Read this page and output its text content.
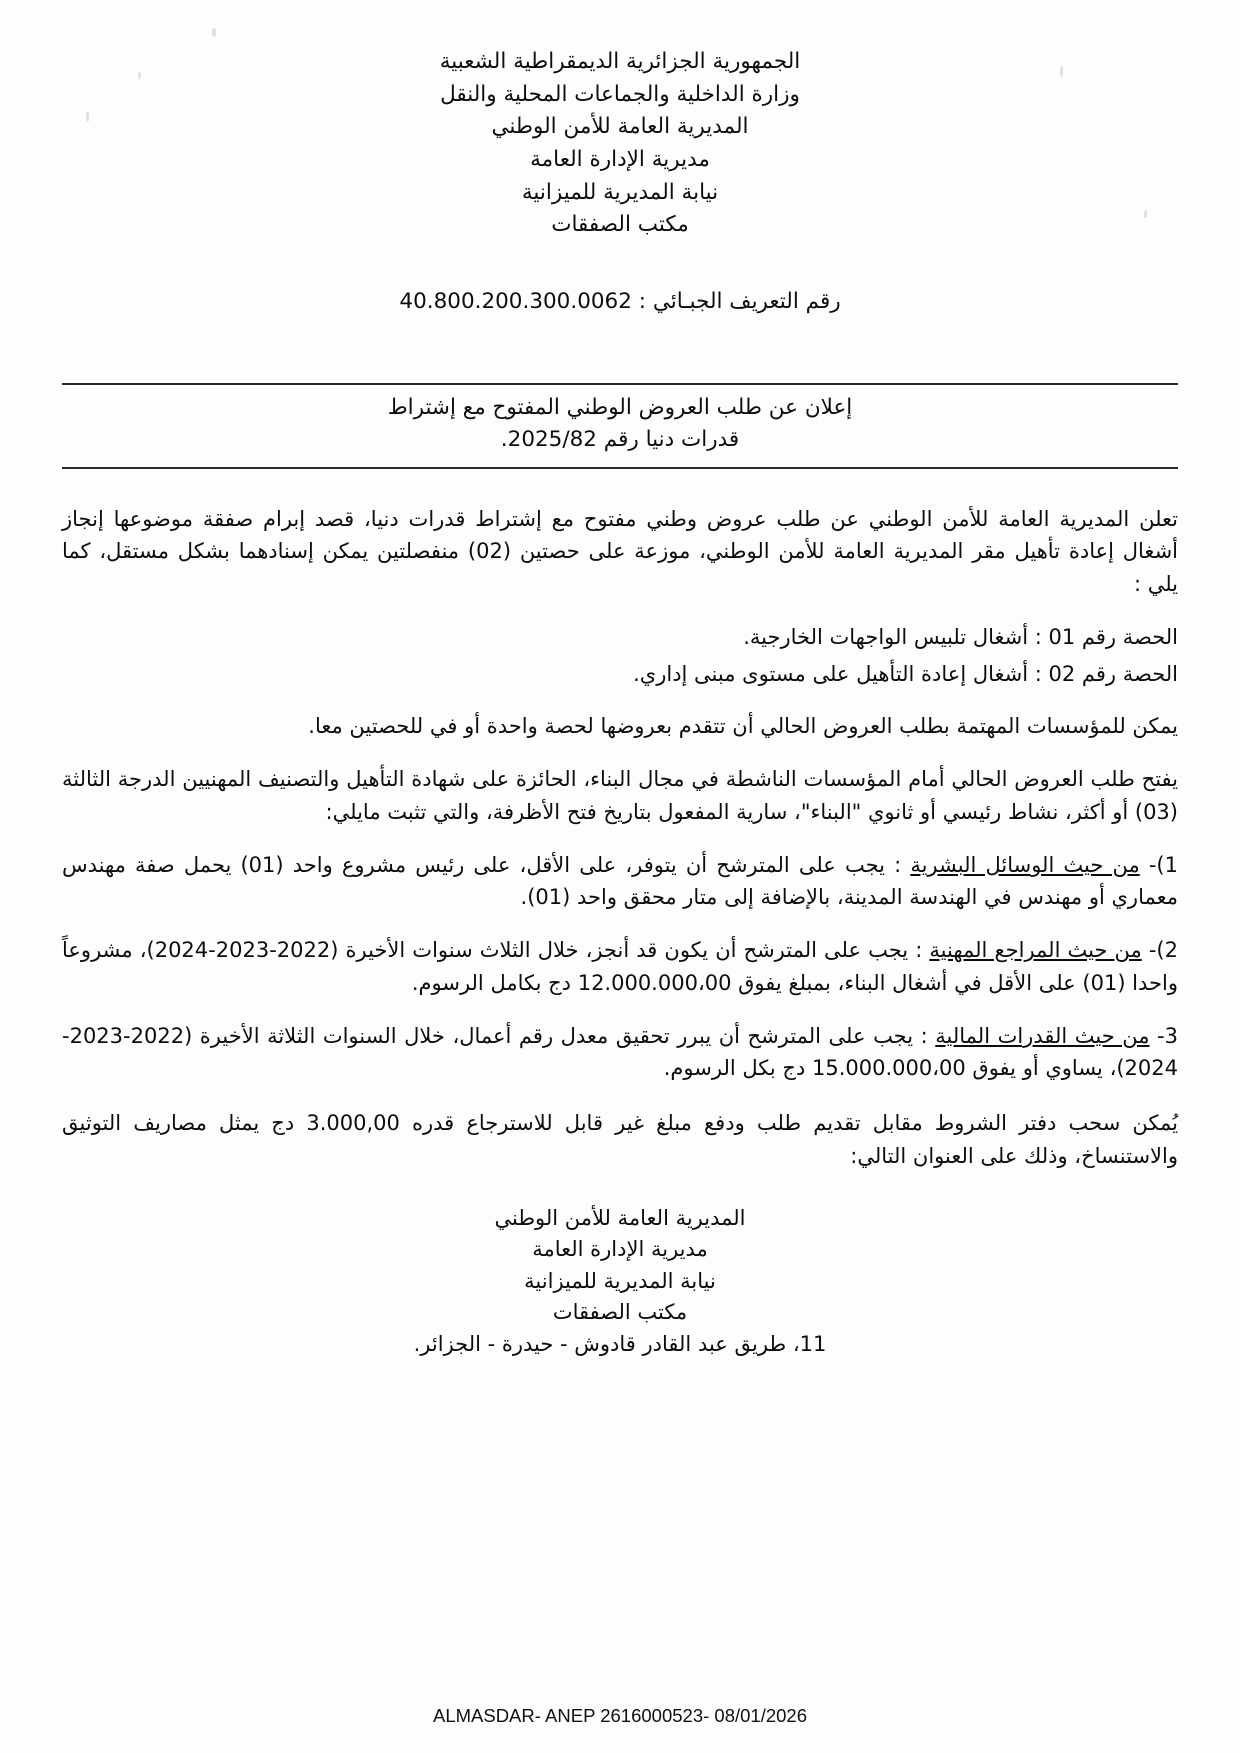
الجمهورية الجزائرية الديمقراطية الشعبية
وزارة الداخلية والجماعات المحلية والنقل
المديرية العامة للأمن الوطني
مديرية الإدارة العامة
نيابة المديرية للميزانية
مكتب الصفقات
رقم التعريف الجبـائي : 40.800.200.300.0062
إعلان عن طلب العروض الوطني المفتوح مع إشتراط
قدرات دنيا رقم 2025/82.

تعلن المديرية العامة للأمن الوطني عن طلب عروض وطني مفتوح مع إشتراط قدرات دنيا، قصد إبرام صفقة موضوعها إنجاز أشغال إعادة تأهيل مقر المديرية العامة للأمن الوطني، موزعة على حصتين (02) منفصلتين يمكن إسنادهما بشكل مستقل، كما يلي :

الحصة رقم 01 : أشغال تلبيس الواجهات الخارجية.

الحصة رقم 02 : أشغال إعادة التأهيل على مستوى مبنى إداري.

يمكن للمؤسسات المهتمة بطلب العروض الحالي أن تتقدم بعروضها لحصة واحدة أو في للحصتين معا.

يفتح طلب العروض الحالي أمام المؤسسات الناشطة في مجال البناء، الحائزة على شهادة التأهيل والتصنيف المهنيين الدرجة الثالثة (03) أو أكثر، نشاط رئيسي أو ثانوي "البناء"، سارية المفعول بتاريخ فتح الأظرفة، والتي تثبت مايلي:

1)- من حيث الوسائل البشرية : يجب على المترشح أن يتوفر، على الأقل، على رئيس مشروع واحد (01) يحمل صفة مهندس معماري أو مهندس في الهندسة المدينة، بالإضافة إلى متار محقق واحد (01).

2)- من حيث المراجع المهنية : يجب على المترشح أن يكون قد أنجز، خلال الثلاث سنوات الأخيرة (2022-2023-2024)، مشروعاً واحدا (01) على الأقل في أشغال البناء، بمبلغ يفوق 12.000.000،00 دج بكامل الرسوم.

3- من حيث القدرات المالية : يجب على المترشح أن يبرر تحقيق معدل رقم أعمال، خلال السنوات الثلاثة الأخيرة (2022-2023-2024)، يساوي أو يفوق 15.000.000،00 دج بكل الرسوم.

يُمكن سحب دفتر الشروط مقابل تقديم طلب ودفع مبلغ غير قابل للاسترجاع قدره 3.000,00 دج يمثل مصاريف التوثيق والاستنساخ، وذلك على العنوان التالي:

المديرية العامة للأمن الوطني
مديرية الإدارة العامة
نيابة المديرية للميزانية
مكتب الصفقات
11، طريق عبد القادر قادوش - حيدرة - الجزائر.
ALMASDAR- ANEP 2616000523- 08/01/2026
